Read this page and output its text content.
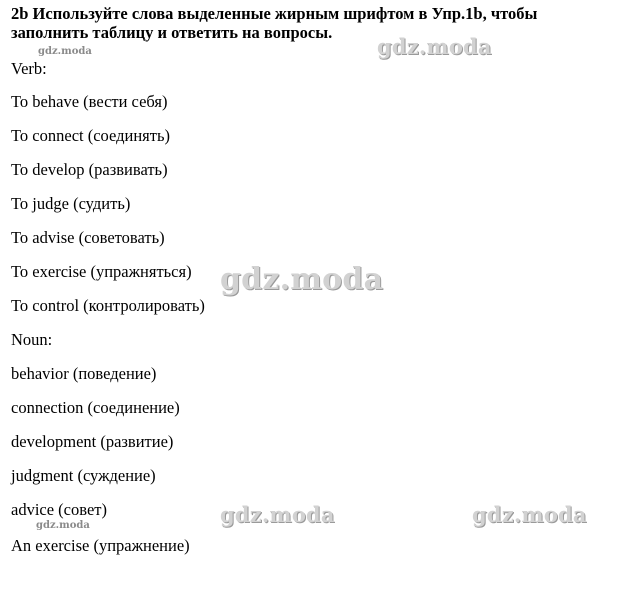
2b Используйте слова выделенные жирным шрифтом в Упр.1b, чтобы заполнить таблицу и ответить на вопросы.
Verb:
To behave (вести себя)
To connect (соединять)
To develop (развивать)
To judge (судить)
To advise (советовать)
To exercise (упражняться)
To control (контролировать)
Noun:
behavior (поведение)
connection (соединение)
development (развитие)
judgment (суждение)
advice (совет)
An exercise (упражнение)
gdz.moda	gdz.moda
gdz.moda
gdz.moda	gdz.moda
gdz.moda
